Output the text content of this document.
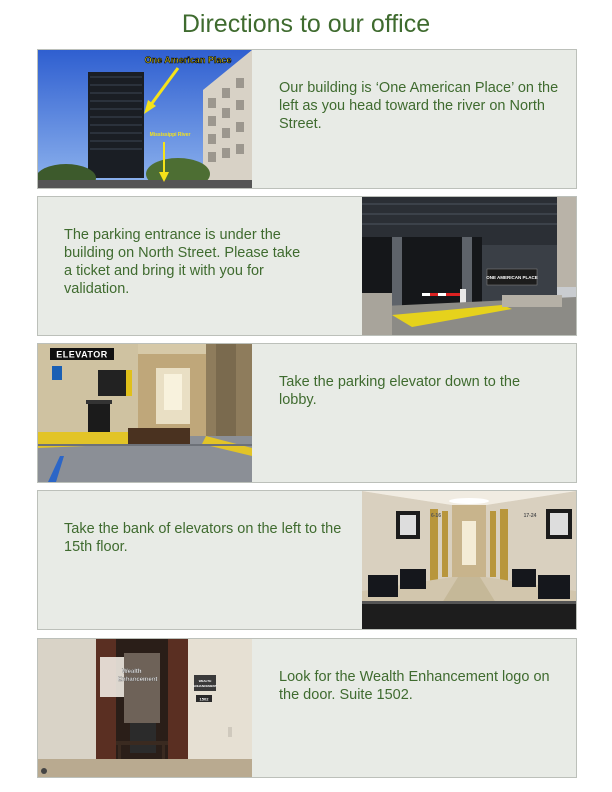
Directions to our office
One American Place
Mississippi River

Our building is ‘One American Place’ on the left as you head toward the river on North Street.

The parking entrance is under the building on North Street. Please take a ticket and bring it with you for validation.

ONE AMERICAN PLACE
ELEVATOR

Take the parking elevator down to the lobby.

Take the bank of elevators on the left to the 15th floor.

6-16	17-24
Wealth
Enhancement	WEALTH
ENHANCEMENT
1502

Look for the Wealth Enhancement logo on the door. Suite 1502.
